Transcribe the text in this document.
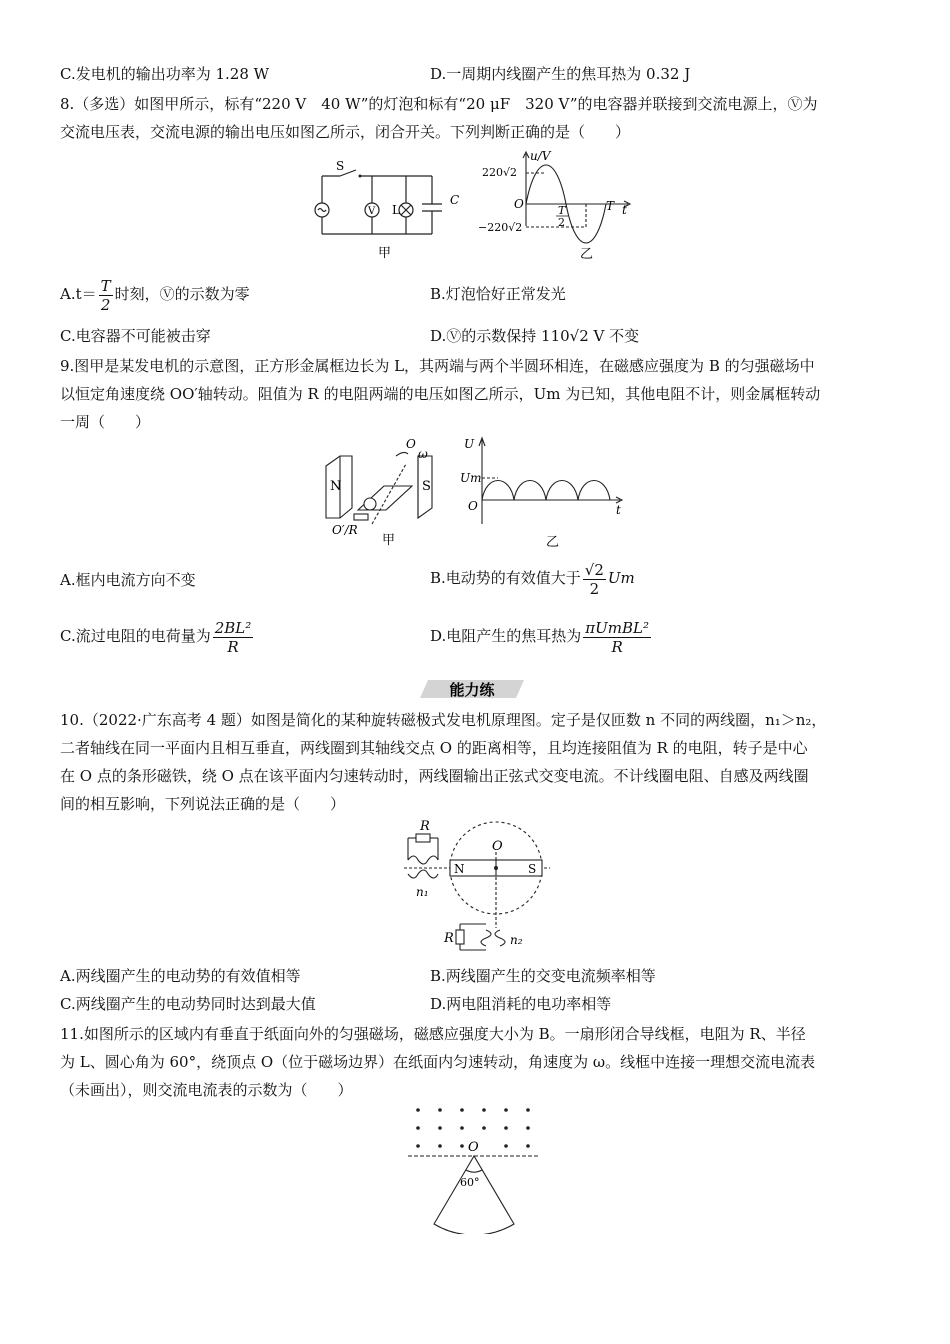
C.发电机的输出功率为 1.28 W	D.一周期内线圈产生的焦耳热为 0.32 J
8.（多选）如图甲所示，标有“220 V　40 W”的灯泡和标有“20 μF　320 V”的电容器并联接到交流电源上，Ⓥ为
交流电压表，交流电源的输出电压如图乙所示，闭合开关。下列判断正确的是（　　）
S
V L
C
甲
u/V
220√2
−220√2
O	T
2
T t
乙
$A.t= \frac{T}{2}$ 时刻，Ⓥ的示数为零	B.灯泡恰好正常发光
C.电容器不可能被击穿	D.Ⓥ的示数保持 110√2 V 不变
9.图甲是某发电机的示意图，正方形金属框边长为 L，其两端与两个半圆环相连，在磁感应强度为 B 的匀强磁场中
以恒定角速度绕 OO′轴转动。阻值为 R 的电阻两端的电压如图乙所示，Um 为已知，其他电阻不计，则金属框转动
一周（　　）
N	S
O
ω
O′/R
甲
U
Um
O	t
乙
A.框内电流方向不变	B.电动势的有效值大于 $\frac{√2}{2}$ Um
C.流过电阻的电荷量为 $\frac{\text{2BL²}}{R}$	D.电阻产生的焦耳热为 $\frac{\text{πUmBL²}}{R}$
能力练
10.（2022·广东高考 4 题）如图是简化的某种旋转磁极式发电机原理图。定子是仅匝数 n 不同的两线圈，n₁＞n₂，
二者轴线在同一平面内且相互垂直，两线圈到其轴线交点 O 的距离相等，且均连接阻值为 R 的电阻，转子是中心
在 O 点的条形磁铁，绕 O 点在该平面内匀速转动时，两线圈输出正弦式交变电流。不计线圈电阻、自感及两线圈
间的相互影响，下列说法正确的是（　　）
R
n₁
O
N	S
R	n₂
A.两线圈产生的电动势的有效值相等	B.两线圈产生的交变电流频率相等
C.两线圈产生的电动势同时达到最大值	D.两电阻消耗的电功率相等
11.如图所示的区域内有垂直于纸面向外的匀强磁场，磁感应强度大小为 B。一扇形闭合导线框，电阻为 R、半径
为 L、圆心角为 60°，绕顶点 O（位于磁场边界）在纸面内匀速转动，角速度为 ω。线框中连接一理想交流电流表
（未画出），则交流电流表的示数为（　　）
O
60°
